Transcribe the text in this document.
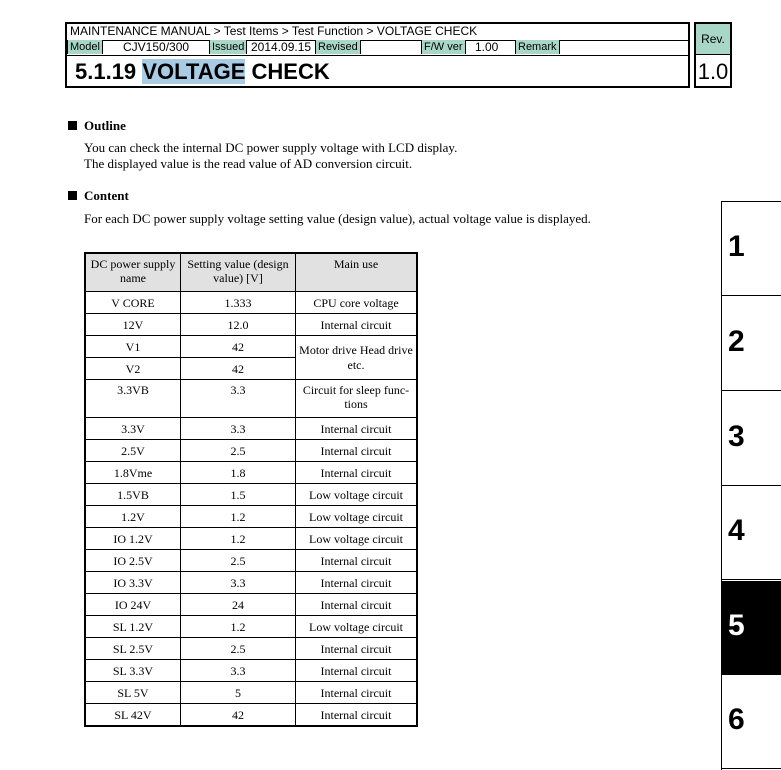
MAINTENANCE MANUAL > Test Items > Test Function > VOLTAGE CHECK
Model CJV150/300 Issued 2014.09.15 Revised	F/W ver 1.00 Remark
5.1.19 VOLTAGE CHECK
Rev.
1.0
Outline
You can check the internal DC power supply voltage with LCD display.
The displayed value is the read value of AD conversion circuit.
Content
For each DC power supply voltage setting value (design value), actual voltage value is displayed.
DC power supply name	Setting value (design value) [V]	Main use
V CORE	1.333	CPU core voltage
12V	12.0	Internal circuit
V1	42	Motor drive Head drive etc.
V2	42	
3.3VB	3.3	Circuit for sleep func-tions
3.3V	3.3	Internal circuit
2.5V	2.5	Internal circuit
1.8Vme	1.8	Internal circuit
1.5VB	1.5	Low voltage circuit
1.2V	1.2	Low voltage circuit
IO 1.2V	1.2	Low voltage circuit
IO 2.5V	2.5	Internal circuit
IO 3.3V	3.3	Internal circuit
IO 24V	24	Internal circuit
SL 1.2V	1.2	Low voltage circuit
SL 2.5V	2.5	Internal circuit
SL 3.3V	3.3	Internal circuit
SL 5V	5	Internal circuit
SL 42V	42	Internal circuit
1
2
3
4
5
6
